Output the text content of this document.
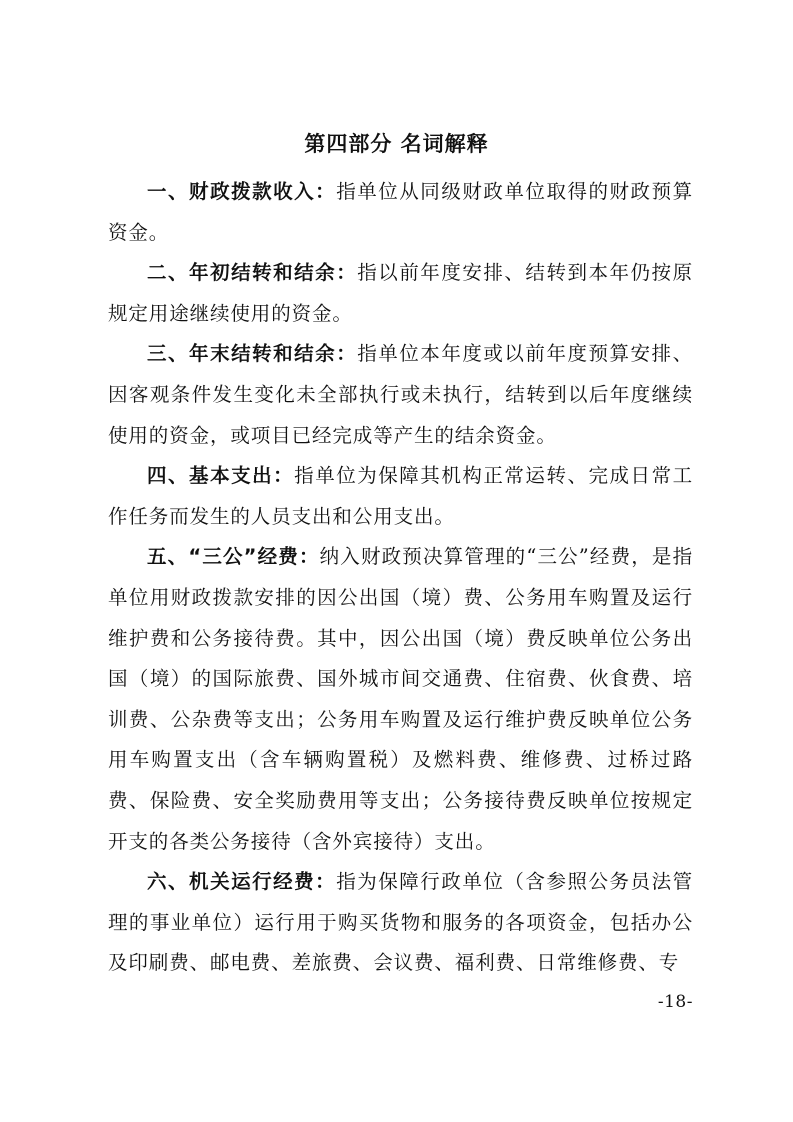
第四部分 名词解释

一、财政拨款收入：指单位从同级财政单位取得的财政预算资金。

二、年初结转和结余：指以前年度安排、结转到本年仍按原规定用途继续使用的资金。

三、年末结转和结余：指单位本年度或以前年度预算安排、因客观条件发生变化未全部执行或未执行，结转到以后年度继续使用的资金，或项目已经完成等产生的结余资金。

四、基本支出：指单位为保障其机构正常运转、完成日常工作任务而发生的人员支出和公用支出。

五、“三公”经费：纳入财政预决算管理的“三公”经费，是指单位用财政拨款安排的因公出国（境）费、公务用车购置及运行维护费和公务接待费。其中，因公出国（境）费反映单位公务出国（境）的国际旅费、国外城市间交通费、住宿费、伙食费、培训费、公杂费等支出；公务用车购置及运行维护费反映单位公务用车购置支出（含车辆购置税）及燃料费、维修费、过桥过路费、保险费、安全奖励费用等支出；公务接待费反映单位按规定开支的各类公务接待（含外宾接待）支出。

六、机关运行经费：指为保障行政单位（含参照公务员法管理的事业单位）运行用于购买货物和服务的各项资金，包括办公及印刷费、邮电费、差旅费、会议费、福利费、日常维修费、专

-18-
